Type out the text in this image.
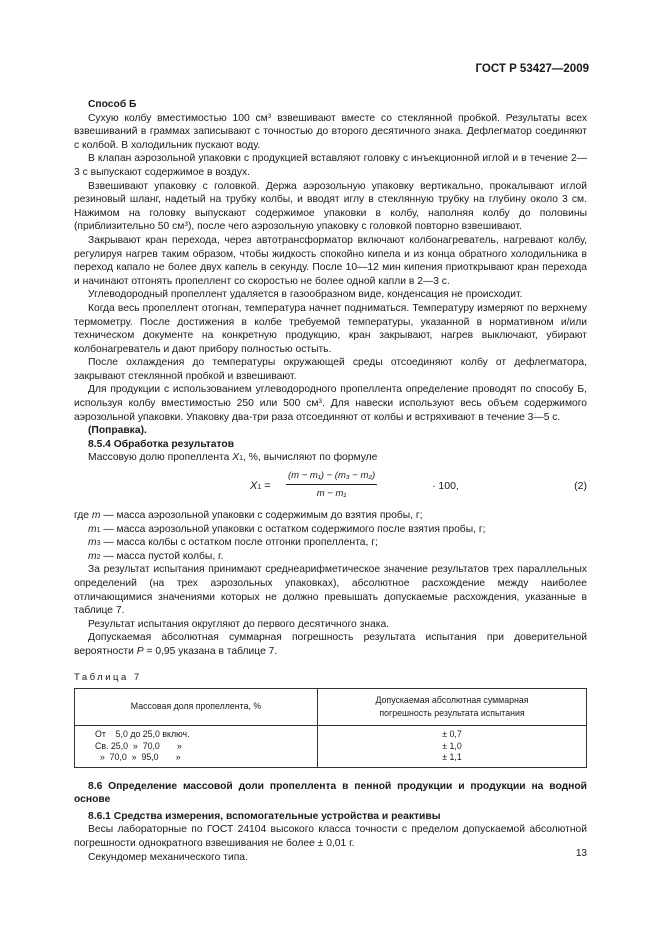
ГОСТ Р 53427—2009

Способ Б

Сухую колбу вместимостью 100 $см^3$ взвешивают вместе со стеклянной пробкой. Результаты всех взвешиваний в граммах записывают с точностью до второго десятичного знака. Дефлегматор соединяют с колбой. В холодильник пускают воду.

В клапан аэрозольной упаковки с продукцией вставляют головку с инъекционной иглой и в течение 2—3 с выпускают содержимое в воздух.

Взвешивают упаковку с головкой. Держа аэрозольную упаковку вертикально, прокалывают иглой резиновый шланг, надетый на трубку колбы, и вводят иглу в стеклянную трубку на глубину около 3 см. Нажимом на головку выпускают содержимое упаковки в колбу, наполняя колбу до половины (приблизительно 50 $см^3$), после чего аэрозольную упаковку с головкой повторно взвешивают.

Закрывают кран перехода, через автотрансформатор включают колбонагреватель, нагревают колбу, регулируя нагрев таким образом, чтобы жидкость спокойно кипела и из конца обратного холодильника в переход капало не более двух капель в секунду. После 10—12 мин кипения приоткрывают кран перехода и начинают отгонять пропеллент со скоростью не более одной капли в 2—3 с.

Углеводородный пропеллент удаляется в газообразном виде, конденсация не происходит.

Когда весь пропеллент отогнан, температура начнет подниматься. Температуру измеряют по верхнему термометру. После достижения в колбе требуемой температуры, указанной в нормативном и/или техническом документе на конкретную продукцию, кран закрывают, нагрев выключают, убирают колбонагреватель и дают прибору полностью остыть.

После охлаждения до температуры окружающей среды отсоединяют колбу от дефлегматора, закрывают стеклянной пробкой и взвешивают.

Для продукции с использованием углеводородного пропеллента определение проводят по способу Б, используя колбу вместимостью 250 или 500 $см^3$. Для навески используют весь объем содержимого аэрозольной упаковки. Упаковку два-три раза отсоединяют от колбы и встряхивают в течение 3—5 с.

(Поправка).

8.5.4 Обработка результатов

Массовую долю пропеллента $X_1$, %, вычисляют по формуле

$X_1$ =
(m − m₁) − (m₃ − m₂)
m − m₁
· 100,	(2)

где m — масса аэрозольной упаковки с содержимым до взятия пробы, г;

$m_1$ — масса аэрозольной упаковки с остатком содержимого после взятия пробы, г;

$m_3$ — масса колбы с остатком после отгонки пропеллента, г;

$m_2$ — масса пустой колбы, г.

За результат испытания принимают среднеарифметическое значение результатов трех параллельных определений (на трех аэрозольных упаковках), абсолютное расхождение между наиболее отличающимися значениями которых не должно превышать допускаемые расхождения, указанные в таблице 7.

Результат испытания округляют до первого десятичного знака.

Допускаемая абсолютная суммарная погрешность результата испытания при доверительной вероятности P = 0,95 указана в таблице 7.

Таблица 7

Массовая доля пропеллента, %	Допускаемая абсолютная суммарная погрешность результата испытания

От    5,0 до 25,0 включ.	± 0,7
Св. 25,0  »  70,0       »	± 1,0
»  70,0  »  95,0       »	± 1,1

8.6 Определение массовой доли пропеллента в пенной продукции и продукции на водной основе

8.6.1 Средства измерения, вспомогательные устройства и реактивы

Весы лабораторные по ГОСТ 24104 высокого класса точности с пределом допускаемой абсолютной погрешности однократного взвешивания не более ± 0,01 г.

Секундомер механического типа.	13
